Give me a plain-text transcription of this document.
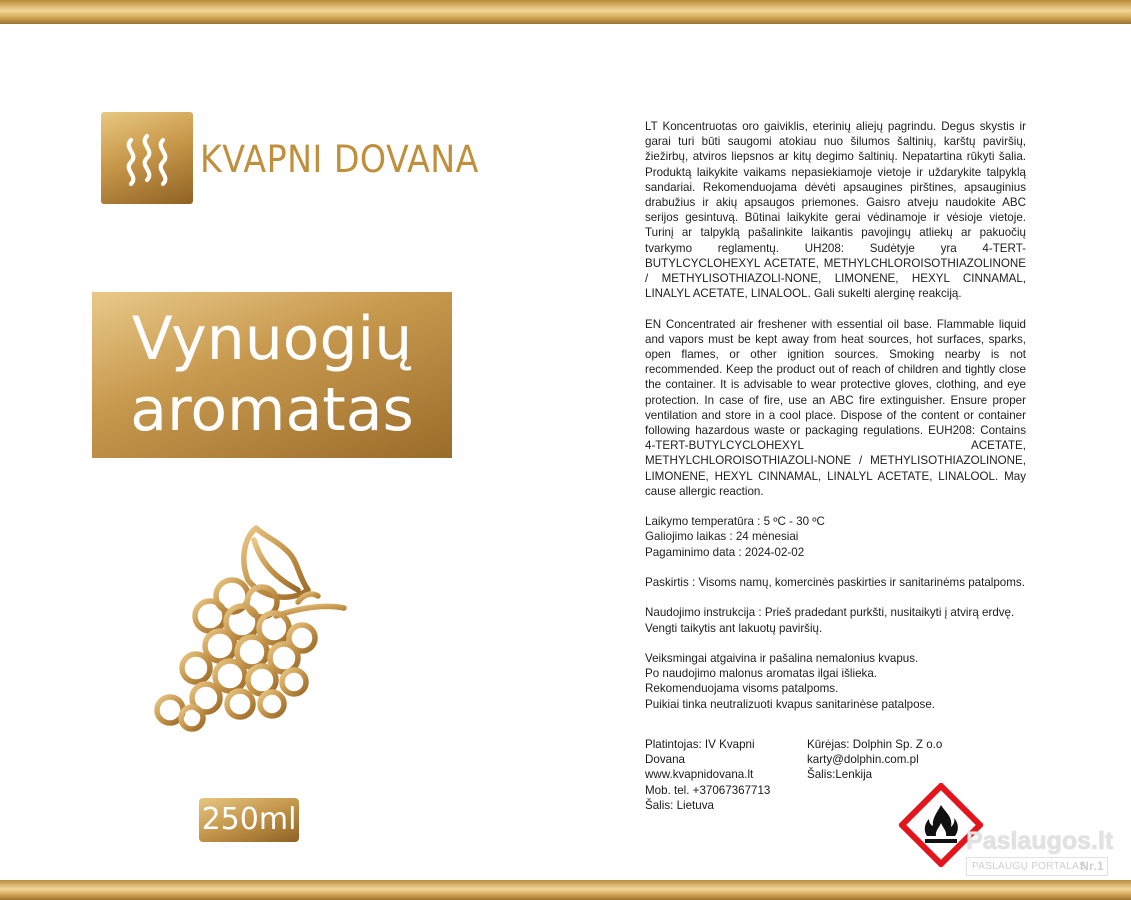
KVAPNI DOVANA
Vynuogių
aromatas
250ml

LT Koncentruotas oro gaiviklis, eterinių aliejų pagrindu. Degus skystis ir garai turi būti saugomi atokiau nuo šilumos šaltinių, karštų paviršių, žiežirbų, atviros liepsnos ar kitų degimo šaltinių. Nepatartina rūkyti šalia. Produktą laikykite vaikams nepasiekiamoje vietoje ir uždarykite talpyklą sandariai. Rekomenduojama dėvėti apsaugines pirštines, apsauginius drabužius ir akių apsaugos priemones. Gaisro atveju naudokite ABC serijos gesintuvą. Būtinai laikykite gerai vėdinamoje ir vėsioje vietoje. Turinį ar talpyklą pašalinkite laikantis pavojingų atliekų ar pakuočių tvarkymo reglamentų. UH208: Sudėtyje yra 4-TERT-BUTYLCYCLOHEXYL ACETATE, METHYLCHLOROISOTHIAZOLINONE / METHYLISOTHIAZOLI-NONE, LIMONENE, HEXYL CINNAMAL, LINALYL ACETATE, LINALOOL. Gali sukelti alerginę reakciją.

EN Concentrated air freshener with essential oil base. Flammable liquid and vapors must be kept away from heat sources, hot surfaces, sparks, open flames, or other ignition sources. Smoking nearby is not recommended. Keep the product out of reach of children and tightly close the container. It is advisable to wear protective gloves, clothing, and eye protection. In case of fire, use an ABC fire extinguisher. Ensure proper ventilation and store in a cool place. Dispose of the content or container following hazardous waste or packaging regulations. EUH208: Contains 4-TERT-BUTYLCYCLOHEXYL ACETATE, METHYLCHLOROISOTHIAZOLI-NONE / METHYLISOTHIAZOLINONE, LIMONENE, HEXYL CINNAMAL, LINALYL ACETATE, LINALOOL. May cause allergic reaction.

Laikymo temperatūra : 5 ºC - 30 ºC
Galiojimo laikas : 24 mėnesiai
Pagaminimo data : 2024-02-02
Paskirtis : Visoms namų, komercinės paskirties ir sanitarinėms patalpoms.
Naudojimo instrukcija : Prieš pradedant purkšti, nusitaikyti į atvirą erdvę.
Vengti taikytis ant lakuotų paviršių.
Veiksmingai atgaivina ir pašalina nemalonius kvapus.
Po naudojimo malonus aromatas ilgai išlieka.
Rekomenduojama visoms patalpoms.
Puikiai tinka neutralizuoti kvapus sanitarinėse patalpose.
Platintojas: IV Kvapni
Dovana
www.kvapnidovana.lt
Mob. tel. +37067367713
Šalis: Lietuva
Kūrėjas: Dolphin Sp. Z o.o
karty@dolphin.com.pl
Šalis:Lenkija
Paslaugos.lt
PASLAUGŲ PORTALAS
Nr.1
